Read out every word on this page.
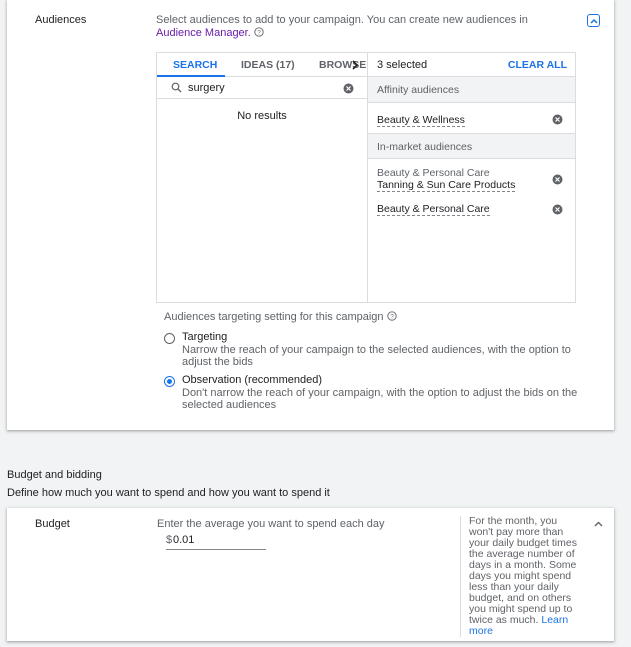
Audiences	Select audiences to add to your campaign. You can create new audiences in Audience Manager. ?
SEARCH IDEAS (17) BROWSE
surgery
No results
3 selected	CLEAR ALL
Affinity audiences
Beauty & Wellness
In-market audiences
Beauty & Personal Care
Tanning & Sun Care Products
Beauty & Personal Care
Audiences targeting setting for this campaign ?
Targeting
Narrow the reach of your campaign to the selected audiences, with the option to adjust the bids
Observation (recommended)
Don't narrow the reach of your campaign, with the option to adjust the bids on the selected audiences
Budget and bidding
Define how much you want to spend and how you want to spend it
Budget	Enter the average you want to spend each day
$ 0.01
For the month, you won't pay more than your daily budget times the average number of days in a month. Some days you might spend less than your daily budget, and on others you might spend up to twice as much. Learn more
